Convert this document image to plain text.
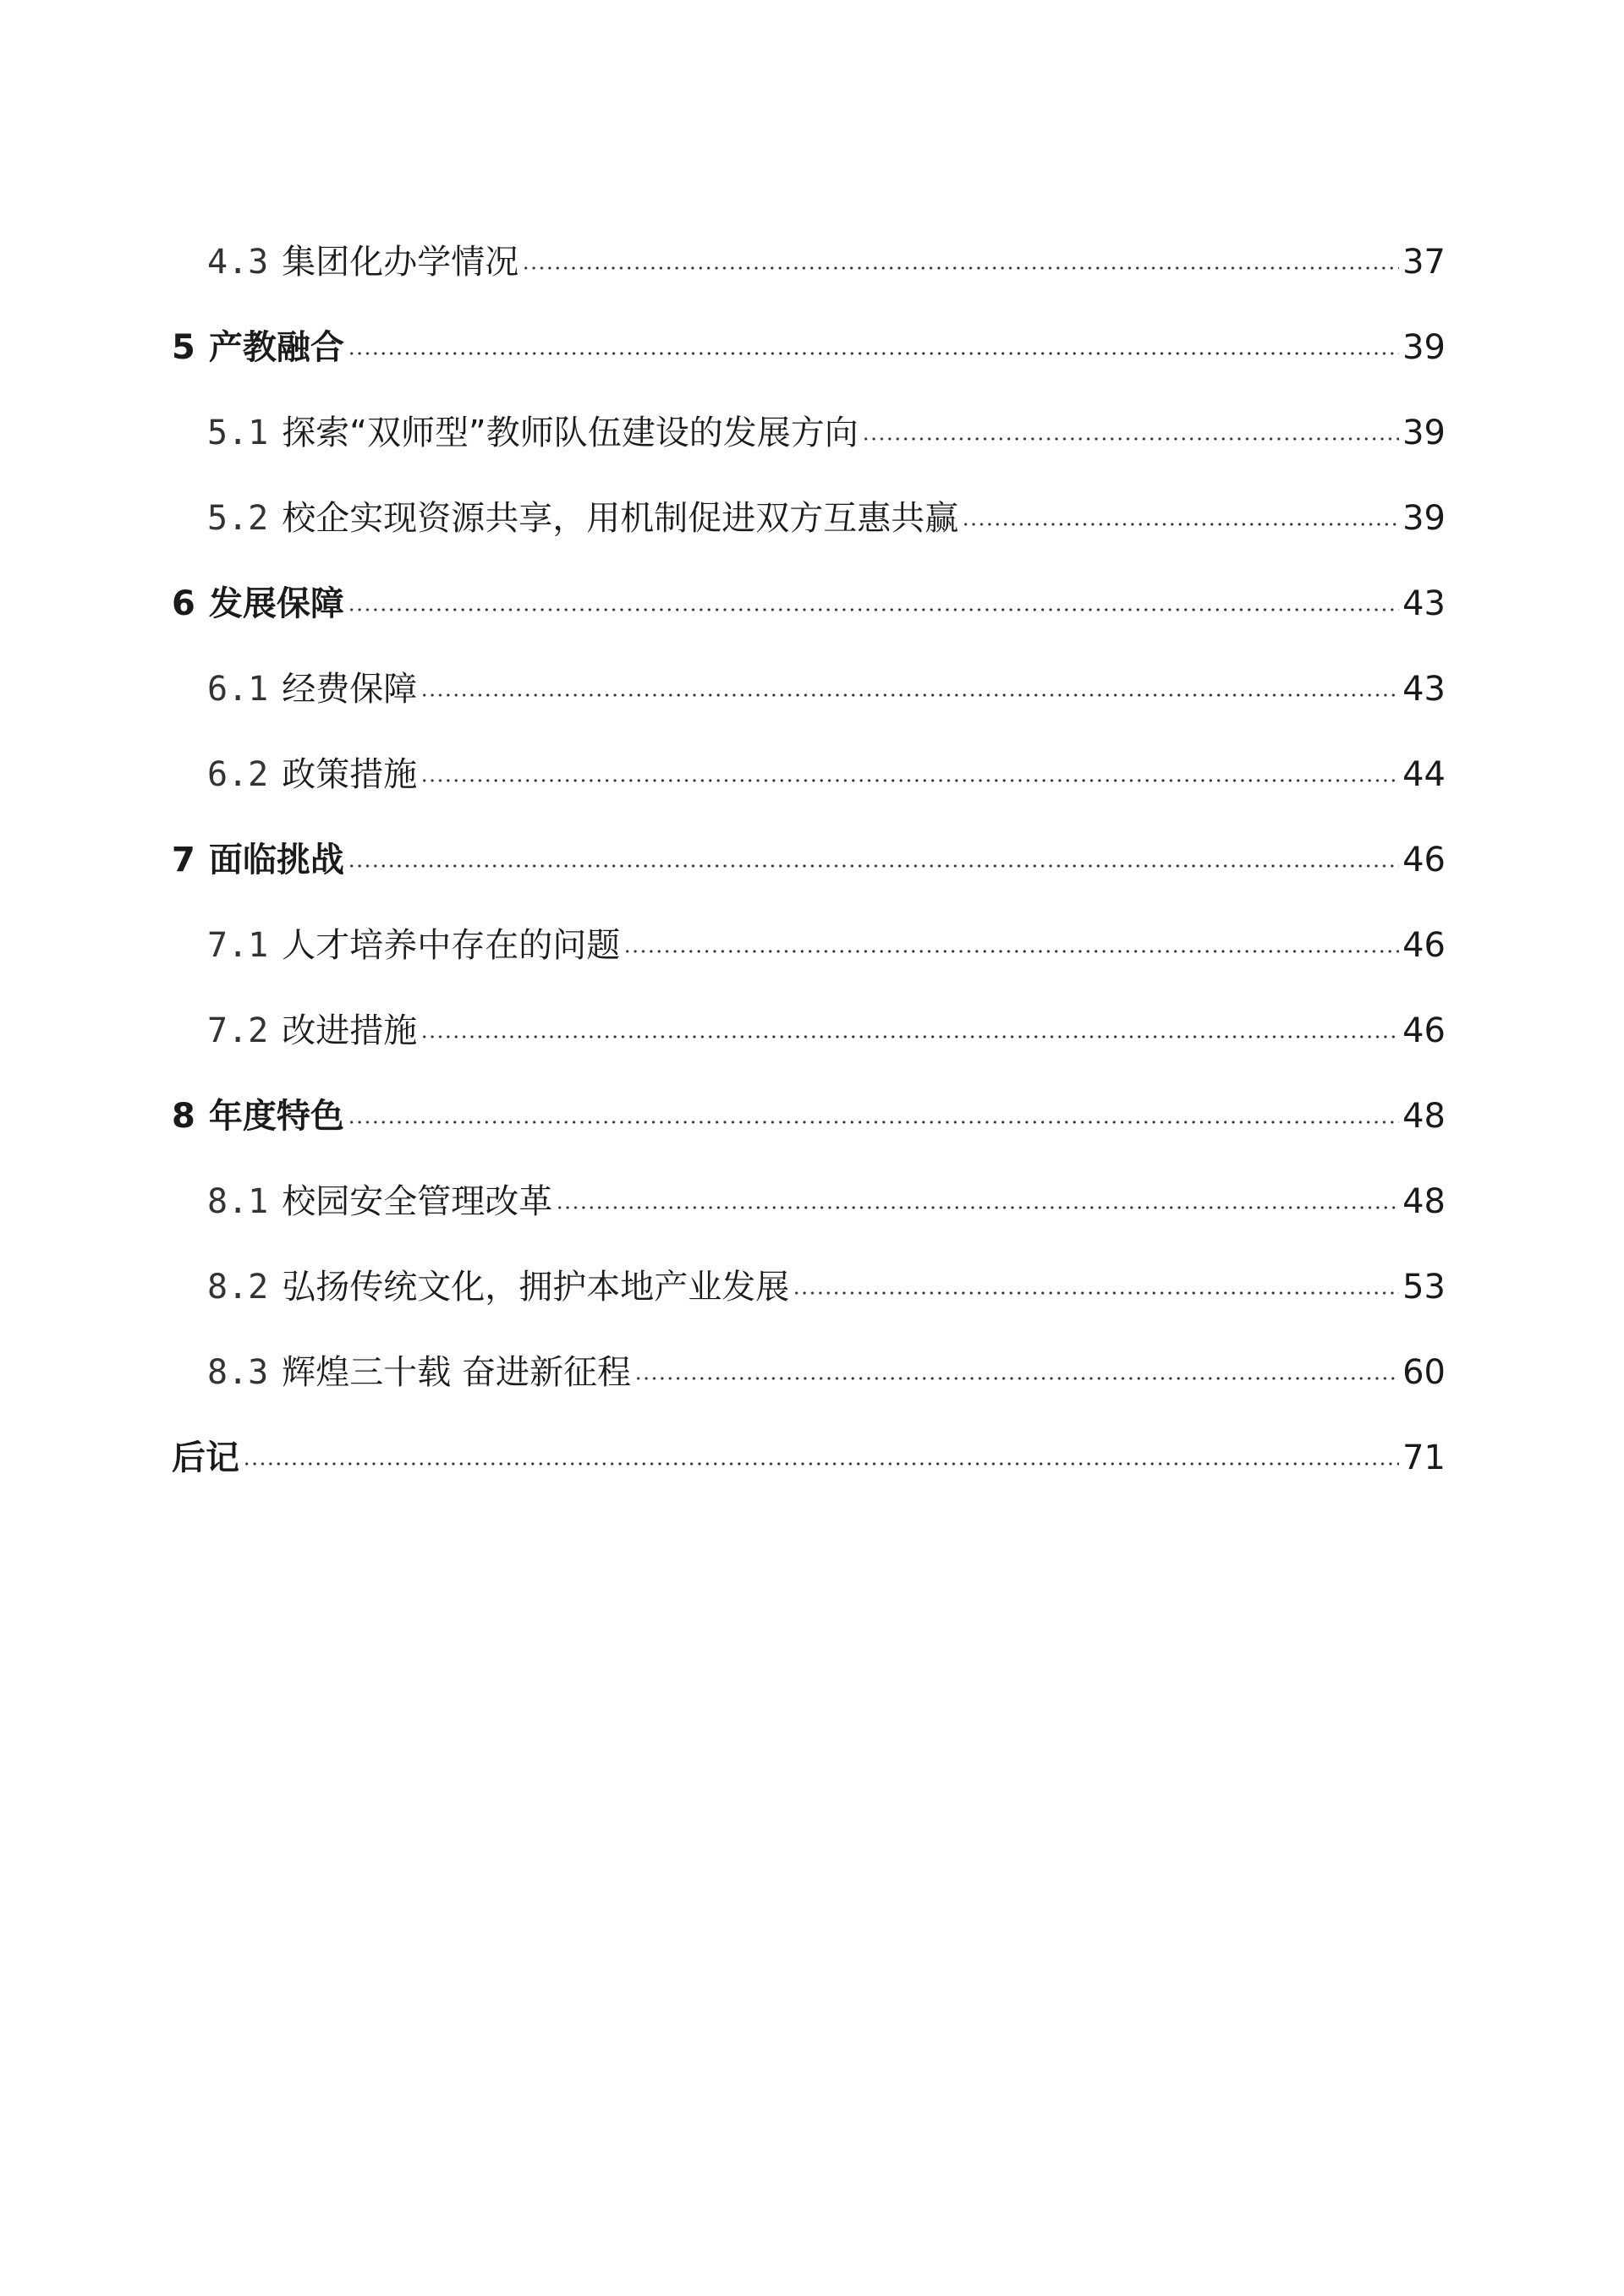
4.3 集团化办学情况	37
5 产教融合	39
5.1 探索“双师型”教师队伍建设的发展方向	39
5.2 校企实现资源共享，用机制促进双方互惠共赢	39
6 发展保障	43
6.1 经费保障	43
6.2 政策措施	44
7 面临挑战	46
7.1 人才培养中存在的问题	46
7.2 改进措施	46
8 年度特色	48
8.1 校园安全管理改革	48
8.2 弘扬传统文化，拥护本地产业发展	53
8.3 辉煌三十载 奋进新征程	60
后记	71
